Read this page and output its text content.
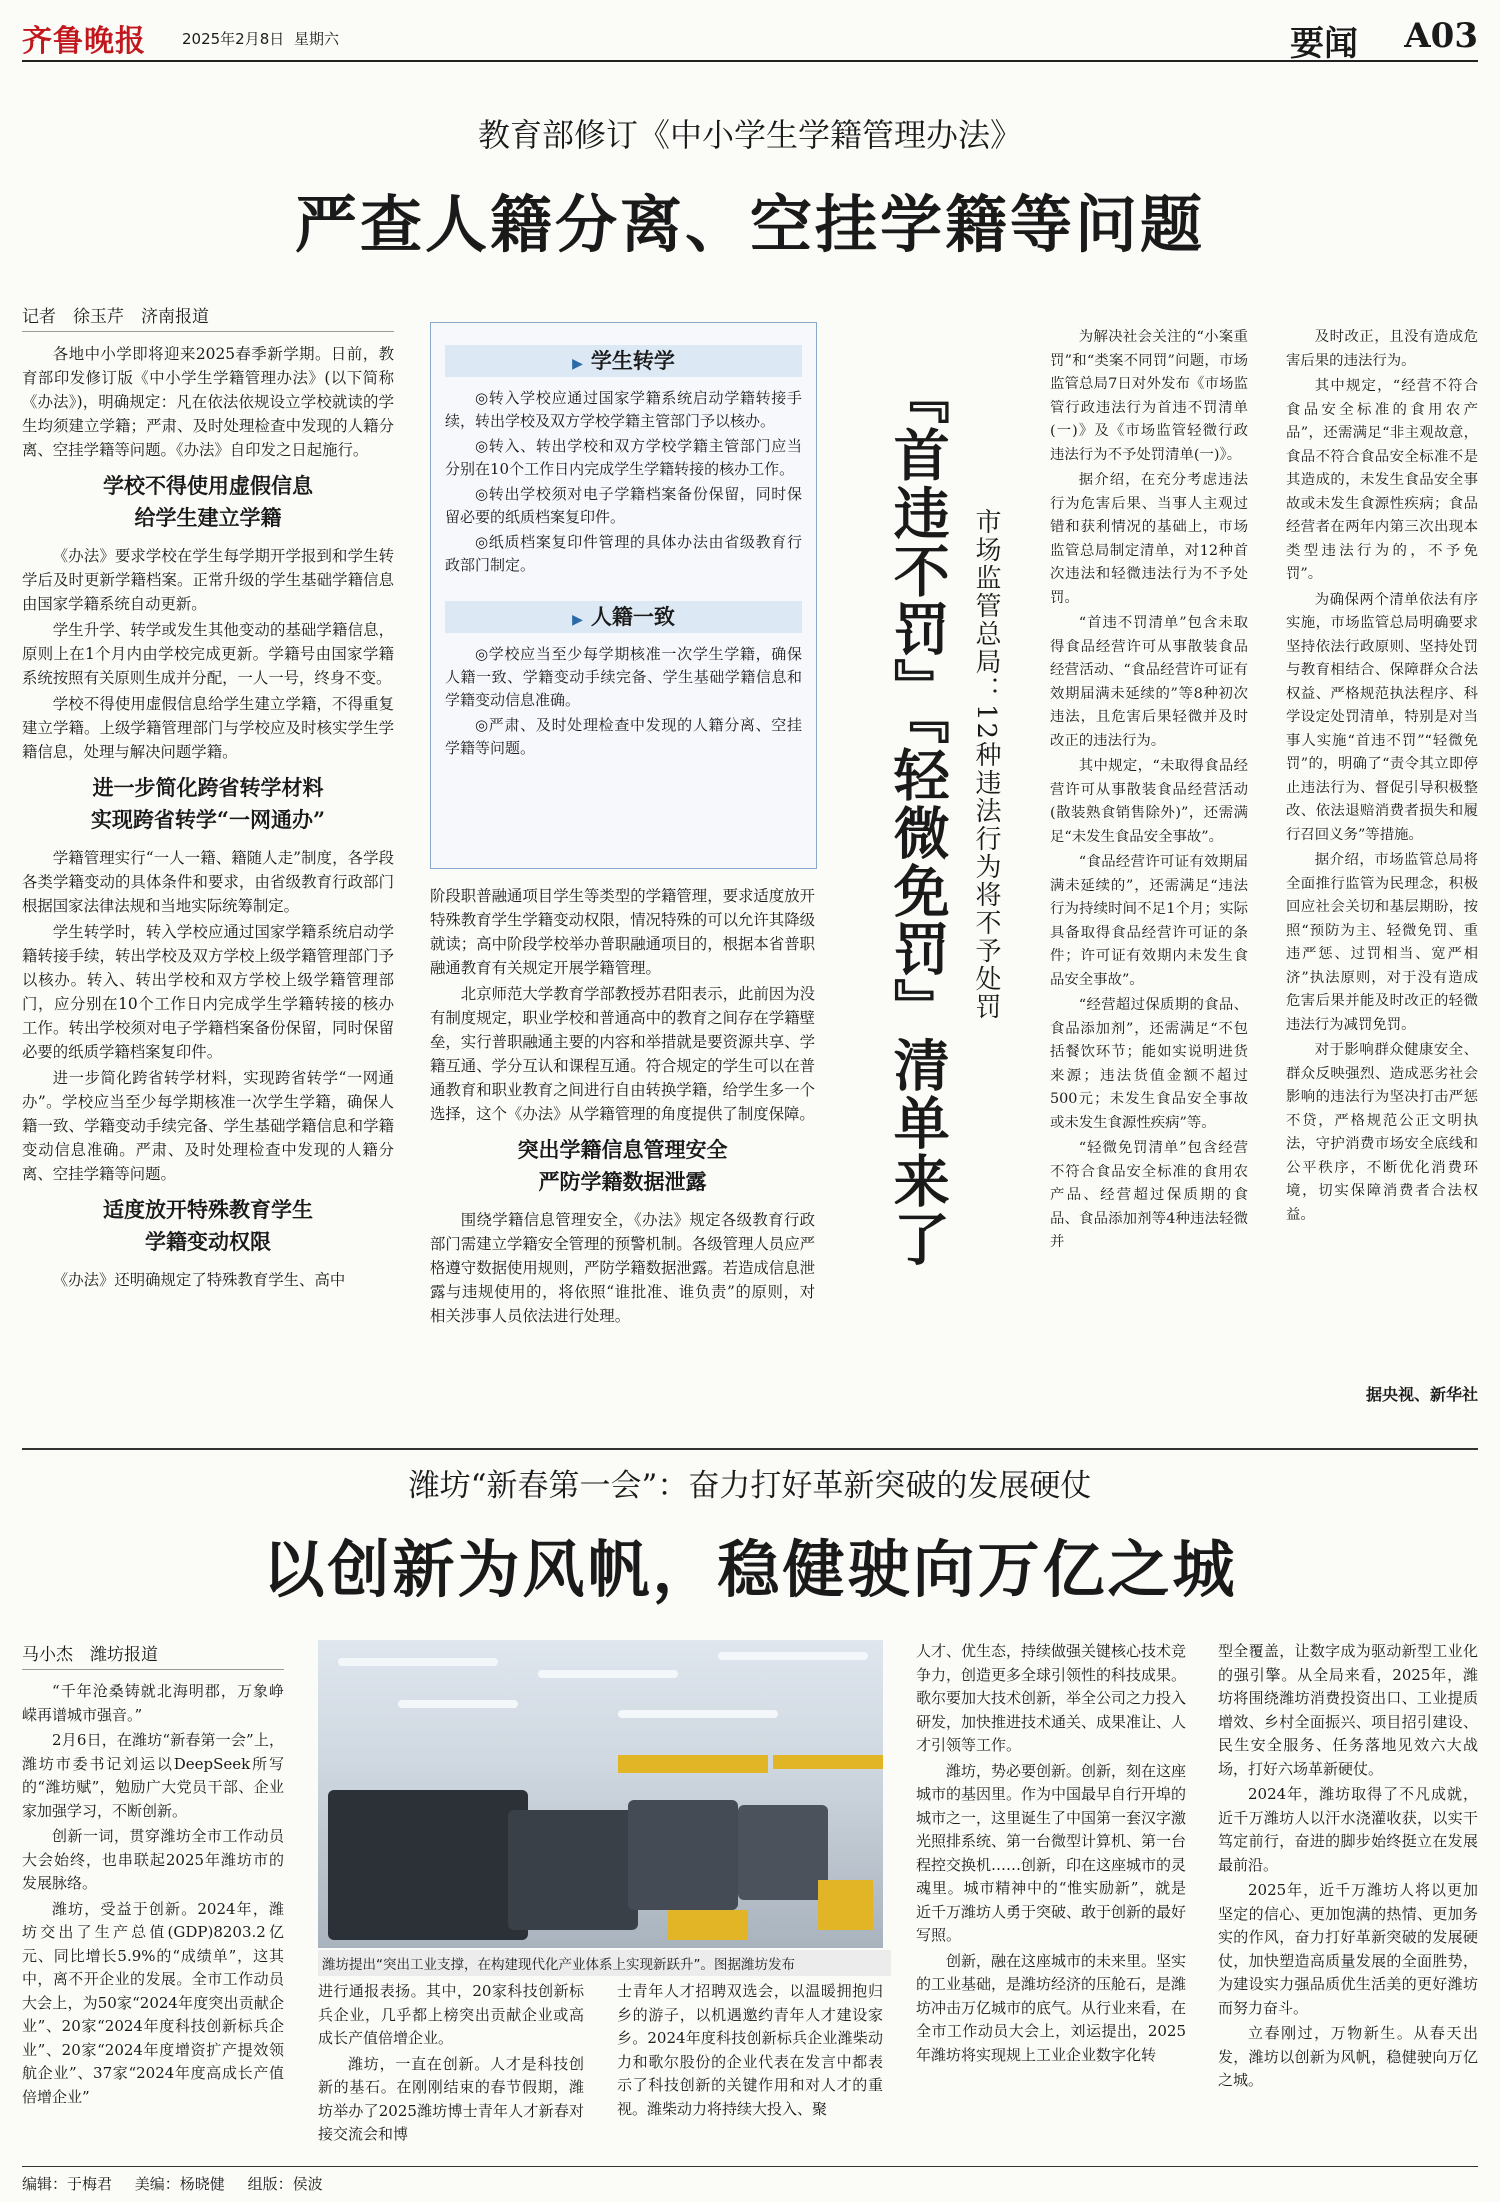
齐鲁晚报 2025年2月8日 星期六	要闻 A03
教育部修订《中小学生学籍管理办法》
严查人籍分离、空挂学籍等问题
记者　徐玉芹　济南报道

各地中小学即将迎来2025春季新学期。日前，教育部印发修订版《中小学生学籍管理办法》(以下简称《办法》)，明确规定：凡在依法依规设立学校就读的学生均须建立学籍；严肃、及时处理检查中发现的人籍分离、空挂学籍等问题。《办法》自印发之日起施行。

学校不得使用虚假信息
给学生建立学籍

《办法》要求学校在学生每学期开学报到和学生转学后及时更新学籍档案。正常升级的学生基础学籍信息由国家学籍系统自动更新。

学生升学、转学或发生其他变动的基础学籍信息，原则上在1个月内由学校完成更新。学籍号由国家学籍系统按照有关原则生成并分配，一人一号，终身不变。

学校不得使用虚假信息给学生建立学籍，不得重复建立学籍。上级学籍管理部门与学校应及时核实学生学籍信息，处理与解决问题学籍。

进一步简化跨省转学材料
实现跨省转学“一网通办”

学籍管理实行“一人一籍、籍随人走”制度，各学段各类学籍变动的具体条件和要求，由省级教育行政部门根据国家法律法规和当地实际统筹制定。

学生转学时，转入学校应通过国家学籍系统启动学籍转接手续，转出学校及双方学校上级学籍管理部门予以核办。转入、转出学校和双方学校上级学籍管理部门，应分别在10个工作日内完成学生学籍转接的核办工作。转出学校须对电子学籍档案备份保留，同时保留必要的纸质学籍档案复印件。

进一步简化跨省转学材料，实现跨省转学“一网通办”。学校应当至少每学期核准一次学生学籍，确保人籍一致、学籍变动手续完备、学生基础学籍信息和学籍变动信息准确。严肃、及时处理检查中发现的人籍分离、空挂学籍等问题。

适度放开特殊教育学生
学籍变动权限

《办法》还明确规定了特殊教育学生、高中

▶ 学生转学

◎转入学校应通过国家学籍系统启动学籍转接手续，转出学校及双方学校学籍主管部门予以核办。

◎转入、转出学校和双方学校学籍主管部门应当分别在10个工作日内完成学生学籍转接的核办工作。

◎转出学校须对电子学籍档案备份保留，同时保留必要的纸质档案复印件。

◎纸质档案复印件管理的具体办法由省级教育行政部门制定。

▶ 人籍一致

◎学校应当至少每学期核准一次学生学籍，确保人籍一致、学籍变动手续完备、学生基础学籍信息和学籍变动信息准确。

◎严肃、及时处理检查中发现的人籍分离、空挂学籍等问题。

阶段职普融通项目学生等类型的学籍管理，要求适度放开特殊教育学生学籍变动权限，情况特殊的可以允许其降级就读；高中阶段学校举办普职融通项目的，根据本省普职融通教育有关规定开展学籍管理。

北京师范大学教育学部教授苏君阳表示，此前因为没有制度规定，职业学校和普通高中的教育之间存在学籍壁垒，实行普职融通主要的内容和举措就是要资源共享、学籍互通、学分互认和课程互通。符合规定的学生可以在普通教育和职业教育之间进行自由转换学籍，给学生多一个选择，这个《办法》从学籍管理的角度提供了制度保障。

突出学籍信息管理安全
严防学籍数据泄露

围绕学籍信息管理安全，《办法》规定各级教育行政部门需建立学籍安全管理的预警机制。各级管理人员应严格遵守数据使用规则，严防学籍数据泄露。若造成信息泄露与违规使用的，将依照“谁批准、谁负责”的原则，对相关涉事人员依法进行处理。

『首违不罚』『轻微免罚』清单来了 市场监管总局：12种违法行为将不予处罚

为解决社会关注的“小案重罚”和“类案不同罚”问题，市场监管总局7日对外发布《市场监管行政违法行为首违不罚清单(一)》及《市场监管轻微行政违法行为不予处罚清单(一)》。

据介绍，在充分考虑违法行为危害后果、当事人主观过错和获利情况的基础上，市场监管总局制定清单，对12种首次违法和轻微违法行为不予处罚。

“首违不罚清单”包含未取得食品经营许可从事散装食品经营活动、“食品经营许可证有效期届满未延续的”等8种初次违法，且危害后果轻微并及时改正的违法行为。

其中规定，“未取得食品经营许可从事散装食品经营活动(散装熟食销售除外)”，还需满足“未发生食品安全事故”。

“食品经营许可证有效期届满未延续的”，还需满足“违法行为持续时间不足1个月；实际具备取得食品经营许可证的条件；许可证有效期内未发生食品安全事故”。

“经营超过保质期的食品、食品添加剂”，还需满足“不包括餐饮环节；能如实说明进货来源；违法货值金额不超过500元；未发生食品安全事故或未发生食源性疾病”等。

“轻微免罚清单”包含经营不符合食品安全标准的食用农产品、经营超过保质期的食品、食品添加剂等4种违法轻微并

及时改正，且没有造成危害后果的违法行为。

其中规定，“经营不符合食品安全标准的食用农产品”，还需满足“非主观故意，食品不符合食品安全标准不是其造成的，未发生食品安全事故或未发生食源性疾病；食品经营者在两年内第三次出现本类型违法行为的，不予免罚”。

为确保两个清单依法有序实施，市场监管总局明确要求坚持依法行政原则、坚持处罚与教育相结合、保障群众合法权益、严格规范执法程序、科学设定处罚清单，特别是对当事人实施“首违不罚”“轻微免罚”的，明确了“责令其立即停止违法行为、督促引导积极整改、依法退赔消费者损失和履行召回义务”等措施。

据介绍，市场监管总局将全面推行监管为民理念，积极回应社会关切和基层期盼，按照“预防为主、轻微免罚、重违严惩、过罚相当、宽严相济”执法原则，对于没有造成危害后果并能及时改正的轻微违法行为减罚免罚。

对于影响群众健康安全、群众反映强烈、造成恶劣社会影响的违法行为坚决打击严惩不贷，严格规范公正文明执法，守护消费市场安全底线和公平秩序，不断优化消费环境，切实保障消费者合法权益。

据央视、新华社
潍坊“新春第一会”：奋力打好革新突破的发展硬仗
以创新为风帆，稳健驶向万亿之城
马小杰　潍坊报道

“千年沧桑铸就北海明郡，万象峥嵘再谱城市强音。”

2月6日，在潍坊“新春第一会”上，潍坊市委书记刘运以DeepSeek所写的“潍坊赋”，勉励广大党员干部、企业家加强学习，不断创新。

创新一词，贯穿潍坊全市工作动员大会始终，也串联起2025年潍坊市的发展脉络。

潍坊，受益于创新。2024年，潍坊交出了生产总值(GDP)8203.2亿元、同比增长5.9%的“成绩单”，这其中，离不开企业的发展。全市工作动员大会上，为50家“2024年度突出贡献企业”、20家“2024年度科技创新标兵企业”、20家“2024年度增资扩产提效领航企业”、37家“2024年度高成长产值倍增企业”

潍坊提出“突出工业支撑，在构建现代化产业体系上实现新跃升”。图据潍坊发布

进行通报表扬。其中，20家科技创新标兵企业，几乎都上榜突出贡献企业或高成长产值倍增企业。

潍坊，一直在创新。人才是科技创新的基石。在刚刚结束的春节假期，潍坊举办了2025潍坊博士青年人才新春对接交流会和博

士青年人才招聘双选会，以温暖拥抱归乡的游子，以机遇邀约青年人才建设家乡。2024年度科技创新标兵企业潍柴动力和歌尔股份的企业代表在发言中都表示了科技创新的关键作用和对人才的重视。潍柴动力将持续大投入、聚

人才、优生态，持续做强关键核心技术竞争力，创造更多全球引领性的科技成果。歌尔要加大技术创新，举全公司之力投入研发，加快推进技术通关、成果准让、人才引领等工作。

潍坊，势必要创新。创新，刻在这座城市的基因里。作为中国最早自行开埠的城市之一，这里诞生了中国第一套汉字激光照排系统、第一台微型计算机、第一台程控交换机……创新，印在这座城市的灵魂里。城市精神中的“惟实励新”，就是近千万潍坊人勇于突破、敢于创新的最好写照。

创新，融在这座城市的未来里。坚实的工业基础，是潍坊经济的压舱石，是潍坊冲击万亿城市的底气。从行业来看，在全市工作动员大会上，刘运提出，2025年潍坊将实现规上工业企业数字化转

型全覆盖，让数字成为驱动新型工业化的强引擎。从全局来看，2025年，潍坊将围绕潍坊消费投资出口、工业提质增效、乡村全面振兴、项目招引建设、民生安全服务、任务落地见效六大战场，打好六场革新硬仗。

2024年，潍坊取得了不凡成就，近千万潍坊人以汗水浇灌收获，以实干笃定前行，奋进的脚步始终挺立在发展最前沿。

2025年，近千万潍坊人将以更加坚定的信心、更加饱满的热情、更加务实的作风，奋力打好革新突破的发展硬仗，加快塑造高质量发展的全面胜势，为建设实力强品质优生活美的更好潍坊而努力奋斗。

立春刚过，万物新生。从春天出发，潍坊以创新为风帆，稳健驶向万亿之城。

编辑：于梅君 美编：杨晓健 组版：侯波
